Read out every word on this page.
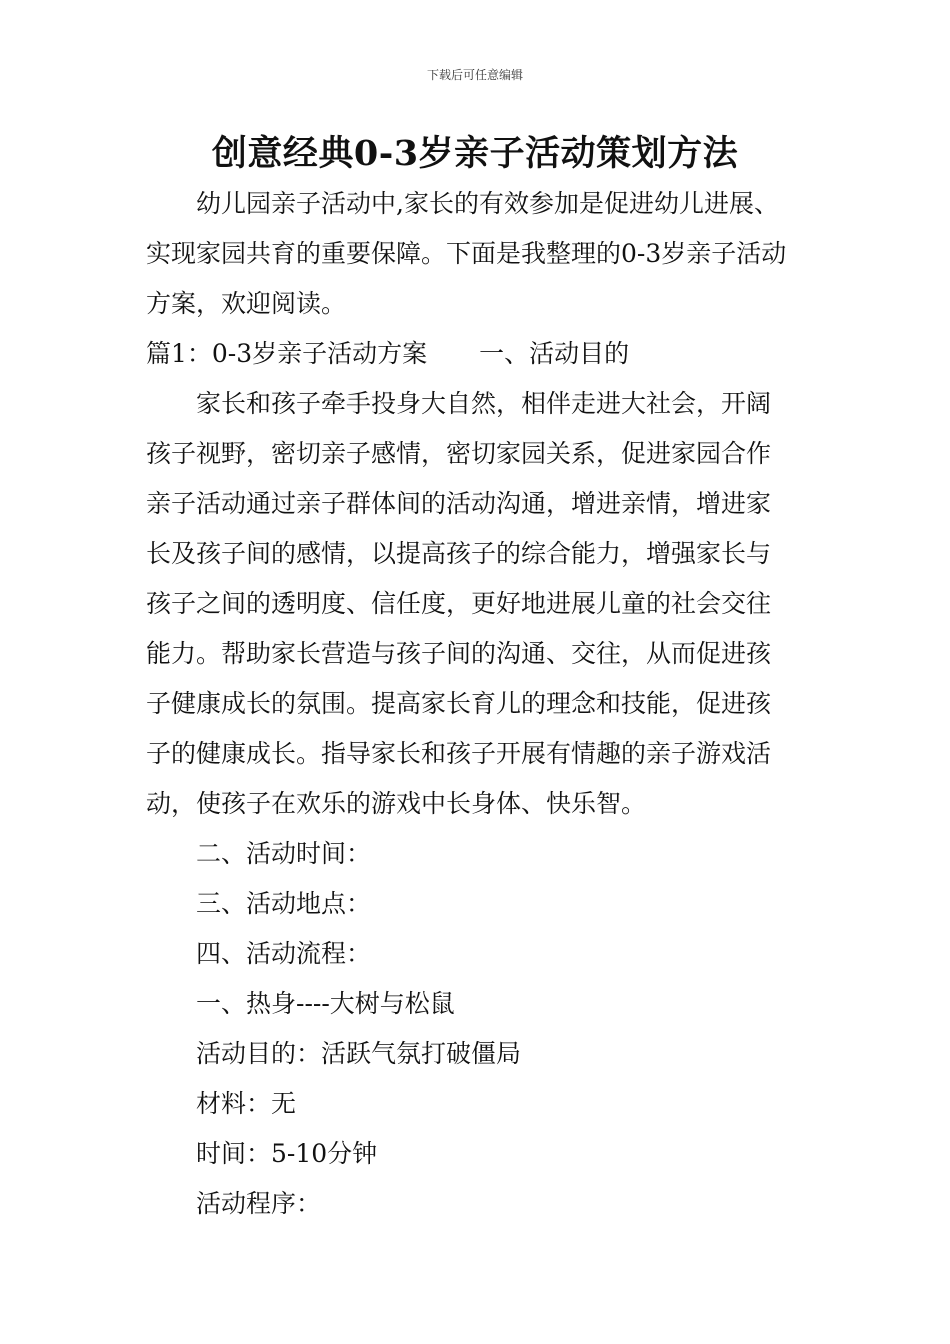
下载后可任意编辑
创意经典0-3岁亲子活动策划方法
幼儿园亲子活动中,家长的有效参加是促进幼儿进展、
实现家园共育的重要保障。下面是我整理的0-3岁亲子活动
方案，欢迎阅读。
篇1：0-3岁亲子活动方案 一、活动目的
家长和孩子牵手投身大自然，相伴走进大社会，开阔
孩子视野，密切亲子感情，密切家园关系，促进家园合作
亲子活动通过亲子群体间的活动沟通，增进亲情，增进家
长及孩子间的感情，以提高孩子的综合能力，增强家长与
孩子之间的透明度、信任度，更好地进展儿童的社会交往
能力。帮助家长营造与孩子间的沟通、交往，从而促进孩
子健康成长的氛围。提高家长育儿的理念和技能，促进孩
子的健康成长。指导家长和孩子开展有情趣的亲子游戏活
动，使孩子在欢乐的游戏中长身体、快乐智。
二、活动时间：
三、活动地点：
四、活动流程：
一、热身----大树与松鼠
活动目的：活跃气氛打破僵局
材料：无
时间：5-10分钟
活动程序：
